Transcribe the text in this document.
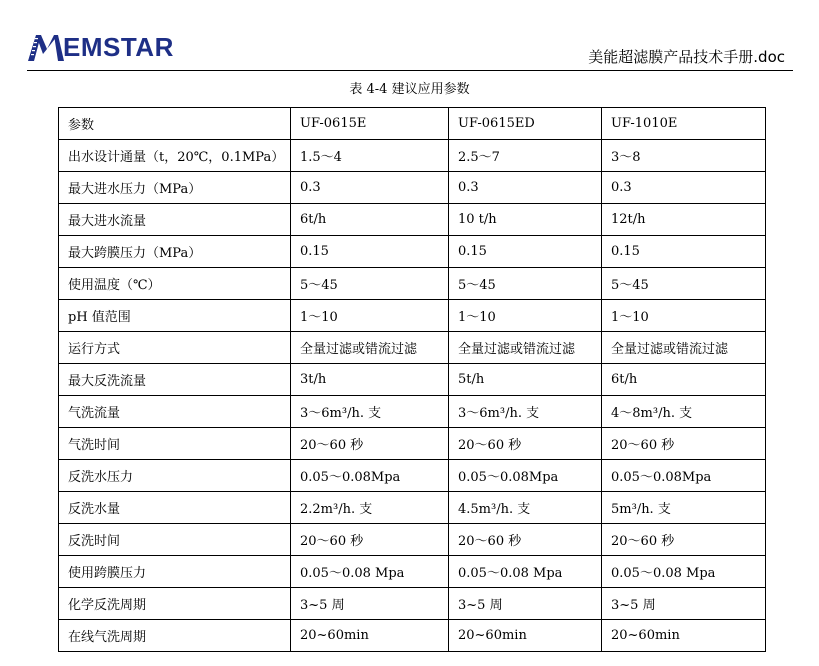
EMSTAR	美能超滤膜产品技术手册.doc
表 4-4 建议应用参数
参数	UF-0615E	UF-0615ED	UF-1010E
出水设计通量（t，20℃，0.1MPa）	1.5～4	2.5～7	3～8
最大进水压力（MPa）	0.3	0.3	0.3
最大进水流量	6t/h	10 t/h	12t/h
最大跨膜压力（MPa）	0.15	0.15	0.15
使用温度（℃）	5～45	5～45	5～45
pH 值范围	1～10	1～10	1～10
运行方式	全量过滤或错流过滤	全量过滤或错流过滤	全量过滤或错流过滤
最大反洗流量	3t/h	5t/h	6t/h
气洗流量	3～6m³/h. 支	3～6m³/h. 支	4～8m³/h. 支
气洗时间	20～60 秒	20～60 秒	20～60 秒
反洗水压力	0.05～0.08Mpa	0.05～0.08Mpa	0.05～0.08Mpa
反洗水量	2.2m³/h. 支	4.5m³/h. 支	5m³/h. 支
反洗时间	20～60 秒	20～60 秒	20～60 秒
使用跨膜压力	0.05～0.08 Mpa	0.05～0.08 Mpa	0.05～0.08 Mpa
化学反洗周期	3~5 周	3~5 周	3~5 周
在线气洗周期	20~60min	20~60min	20~60min
